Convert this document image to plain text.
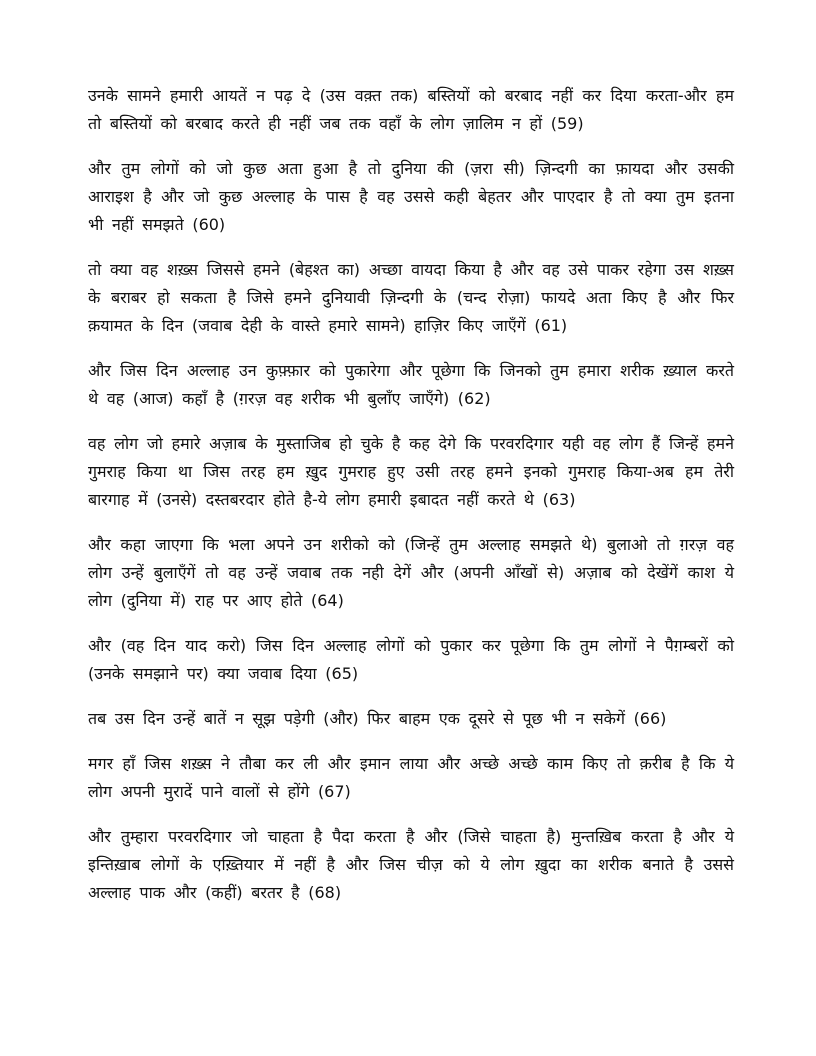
उनके सामने हमारी आयतें न पढ़ दे (उस वक़्त तक) बस्तियों को बरबाद नहीं कर दिया करता-और हम तो बस्तियों को बरबाद करते ही नहीं जब तक वहाँ के लोग ज़ालिम न हों (59)

और तुम लोगों को जो कुछ अता हुआ है तो दुनिया की (ज़रा सी) ज़िन्दगी का फ़ायदा और उसकी आराइश है और जो कुछ अल्लाह के पास है वह उससे कही बेहतर और पाएदार है तो क्या तुम इतना भी नहीं समझते (60)

तो क्या वह शख़्स जिससे हमने (बेहश्त का) अच्छा वायदा किया है और वह उसे पाकर रहेगा उस शख़्स के बराबर हो सकता है जिसे हमने दुनियावी ज़िन्दगी के (चन्द रोज़ा) फायदे अता किए है और फिर क़यामत के दिन (जवाब देही के वास्ते हमारे सामने) हाज़िर किए जाएँगें (61)

और जिस दिन अल्लाह उन कुफ़्फ़ार को पुकारेगा और पूछेगा कि जिनको तुम हमारा शरीक ख़्याल करते थे वह (आज) कहाँ है (ग़रज़ वह शरीक भी बुलाँए जाएँगे) (62)

वह लोग जो हमारे अज़ाब के मुस्ताजिब हो चुके है कह देगे कि परवरदिगार यही वह लोग हैं जिन्हें हमने गुमराह किया था जिस तरह हम ख़ुद गुमराह हुए उसी तरह हमने इनको गुमराह किया-अब हम तेरी बारगाह में (उनसे) दस्तबरदार होते है-ये लोग हमारी इबादत नहीं करते थे (63)

और कहा जाएगा कि भला अपने उन शरीको को (जिन्हें तुम अल्लाह समझते थे) बुलाओ तो ग़रज़ वह लोग उन्हें बुलाएँगें तो वह उन्हें जवाब तक नही देगें और (अपनी आँखों से) अज़ाब को देखेंगें काश ये लोग (दुनिया में) राह पर आए होते (64)

और (वह दिन याद करो) जिस दिन अल्लाह लोगों को पुकार कर पूछेगा कि तुम लोगों ने पैग़म्बरों को (उनके समझाने पर) क्या जवाब दिया (65)

तब उस दिन उन्हें बातें न सूझ पड़ेगी (और) फिर बाहम एक दूसरे से पूछ भी न सकेगें (66)

मगर हाँ जिस शख़्स ने तौबा कर ली और इमान लाया और अच्छे अच्छे काम किए तो क़रीब है कि ये लोग अपनी मुरादें पाने वालों से होंगे (67)

और तुम्हारा परवरदिगार जो चाहता है पैदा करता है और (जिसे चाहता है) मुन्तख़िब करता है और ये इन्तिख़ाब लोगों के एख़्तियार में नहीं है और जिस चीज़ को ये लोग ख़ुदा का शरीक बनाते है उससे अल्लाह पाक और (कहीं) बरतर है (68)
